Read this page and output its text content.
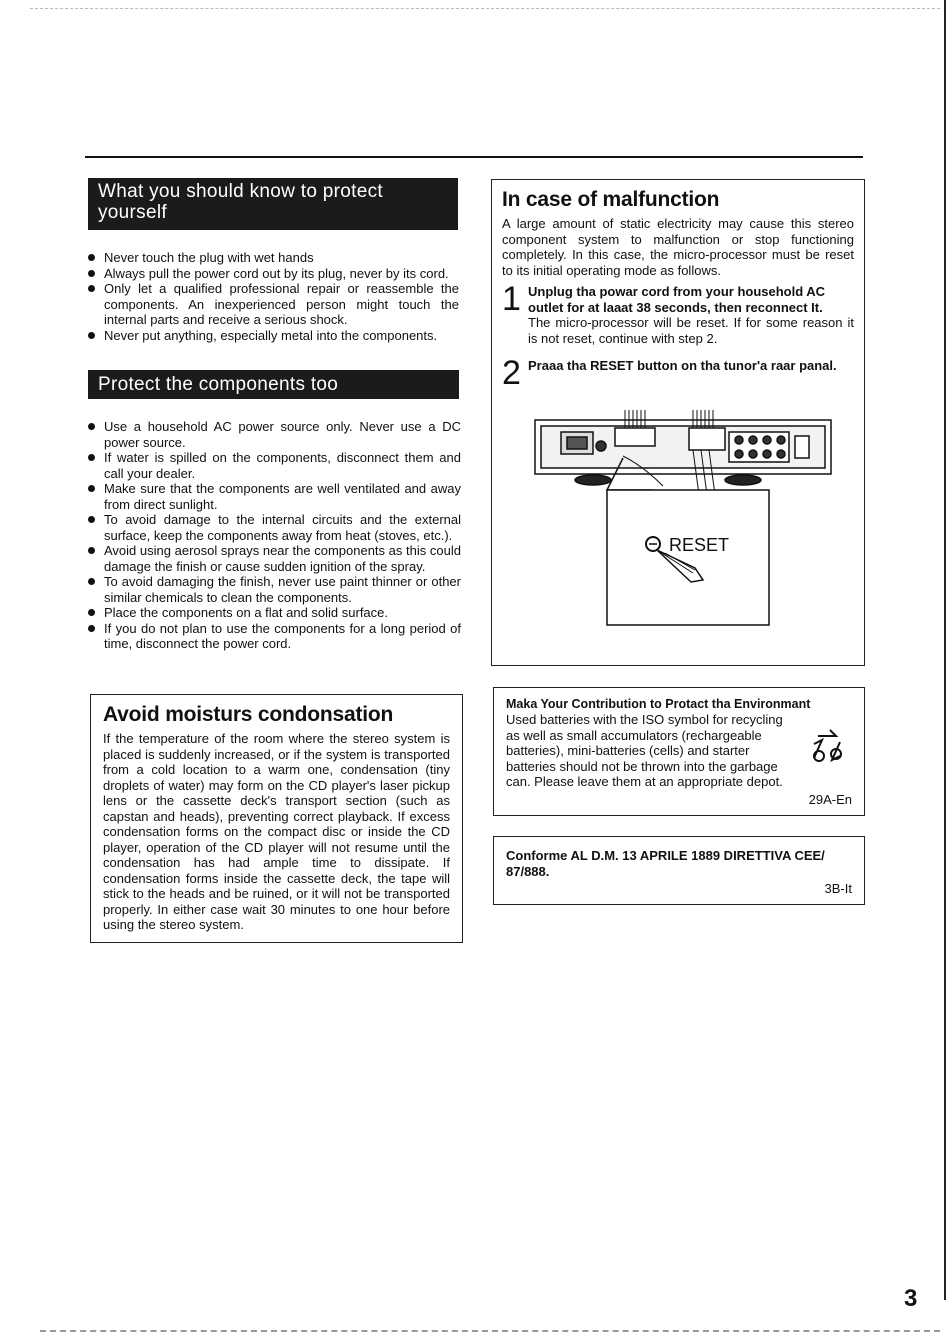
What you should know to protect yourself
Never touch the plug with wet hands
Always pull the power cord out by its plug, never by its cord.
Only let a qualified professional repair or reassemble the components. An inexperienced person might touch the internal parts and receive a serious shock.
Never put anything, especially metal into the components.
Protect the components too
Use a household AC power source only. Never use a DC power source.
If water is spilled on the components, disconnect them and call your dealer.
Make sure that the components are well ventilated and away from direct sunlight.
To avoid damage to the internal circuits and the external surface, keep the components away from heat (stoves, etc.).
Avoid using aerosol sprays near the components as this could damage the finish or cause sudden ignition of the spray.
To avoid damaging the finish, never use paint thinner or other similar chemicals to clean the components.
Place the components on a flat and solid surface.
If you do not plan to use the components for a long period of time, disconnect the power cord.
Avoid moisturs condonsation

If the temperature of the room where the stereo system is placed is suddenly increased, or if the system is transported from a cold location to a warm one, condensation (tiny droplets of water) may form on the CD player's laser pickup lens or the cassette deck's transport section (such as capstan and heads), preventing correct playback. If excess condensation forms on the compact disc or inside the CD player, operation of the CD player will not resume until the condensation has had ample time to dissipate. If condensation forms inside the cassette deck, the tape will stick to the heads and be ruined, or it will not be transported properly. In either case wait 30 minutes to one hour before using the stereo system.

In case of malfunction

A large amount of static electricity may cause this stereo component system to malfunction or stop functioning completely. In this case, the micro-processor must be reset to its initial operating mode as follows.

1 Unplug tha powar cord from your household AC outlet for at laaat 38 seconds, then reconnect It.
The micro-processor will be reset. If for some reason it is not reset, continue with step 2.
2 Praaa tha RESET button on tha tunor'a raar panal.
RESET

Maka Your Contribution to Protact tha Environmant

Used batteries with the ISO symbol for recycling as well as small accumulators (rechargeable batteries), mini-batteries (cells) and starter batteries should not be thrown into the garbage can. Please leave them at an appropriate depot.

29A-En

Conforme AL D.M. 13 APRILE 1889 DIRETTIVA CEE/ 87/888.

3B-It
3
